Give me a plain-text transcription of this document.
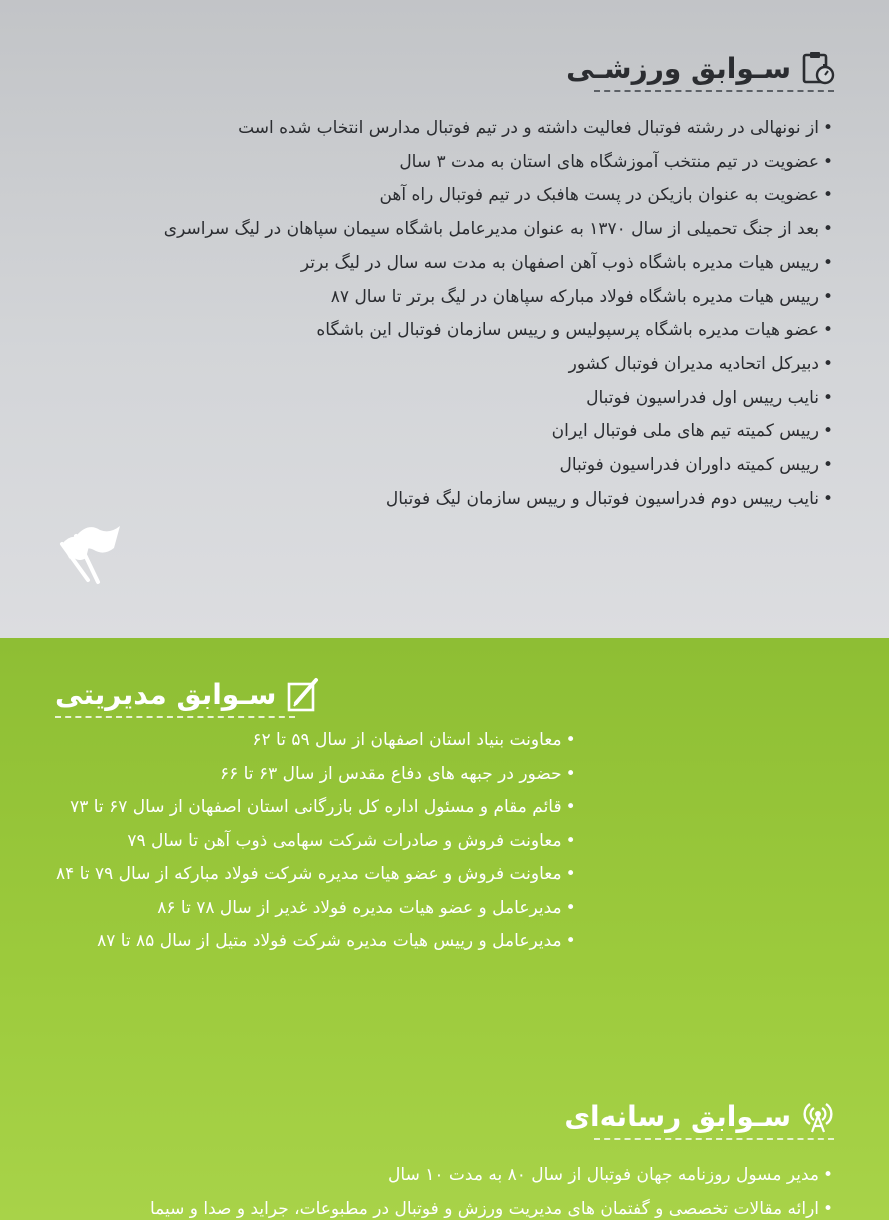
سـوابق ورزشـی
• از نونهالی در رشته فوتبال فعالیت داشته و در تیم فوتبال مدارس انتخاب شده است
• عضویت در تیم منتخب آموزشگاه های استان به مدت ۳ سال
• عضویت به عنوان بازیکن در پست هافبک در تیم فوتبال راه آهن
• بعد از جنگ تحمیلی از سال ۱۳۷۰ به عنوان مدیرعامل باشگاه سیمان سپاهان در لیگ سراسری
• رییس هیات مدیره باشگاه ذوب آهن اصفهان به مدت سه سال در لیگ برتر
• رییس هیات مدیره باشگاه فولاد مبارکه سپاهان در لیگ برتر تا سال ۸۷
• عضو هیات مدیره باشگاه پرسپولیس و رییس سازمان فوتبال این باشگاه
• دبیرکل اتحادیه مدیران فوتبال کشور
• نایب رییس اول فدراسیون فوتبال
• رییس کمیته تیم های ملی فوتبال ایران
• رییس کمیته داوران فدراسیون فوتبال
• نایب رییس دوم فدراسیون فوتبال و رییس سازمان لیگ فوتبال
سـوابق مدیریتی
• معاونت بنیاد استان اصفهان از سال ۵۹ تا ۶۲
• حضور در جبهه های دفاع مقدس از سال ۶۳ تا ۶۶
• قائم مقام و مسئول اداره کل بازرگانی استان اصفهان از سال ۶۷ تا ۷۳
• معاونت فروش و صادرات شرکت سهامی ذوب آهن تا سال ۷۹
• معاونت فروش و عضو هیات مدیره شرکت فولاد مبارکه از سال ۷۹ تا ۸۴
• مدیرعامل و عضو هیات مدیره فولاد غدیر از سال ۷۸ تا ۸۶
• مدیرعامل و رییس هیات مدیره شرکت فولاد متیل از سال ۸۵ تا ۸۷
سـوابق رسانه‌ای
• مدیر مسول روزنامه جهان فوتبال از سال ۸۰ به مدت ۱۰ سال
• ارائه مقالات تخصصی و گفتمان های مدیریت ورزش و فوتبال در مطبوعات، جراید و صدا و سیما
